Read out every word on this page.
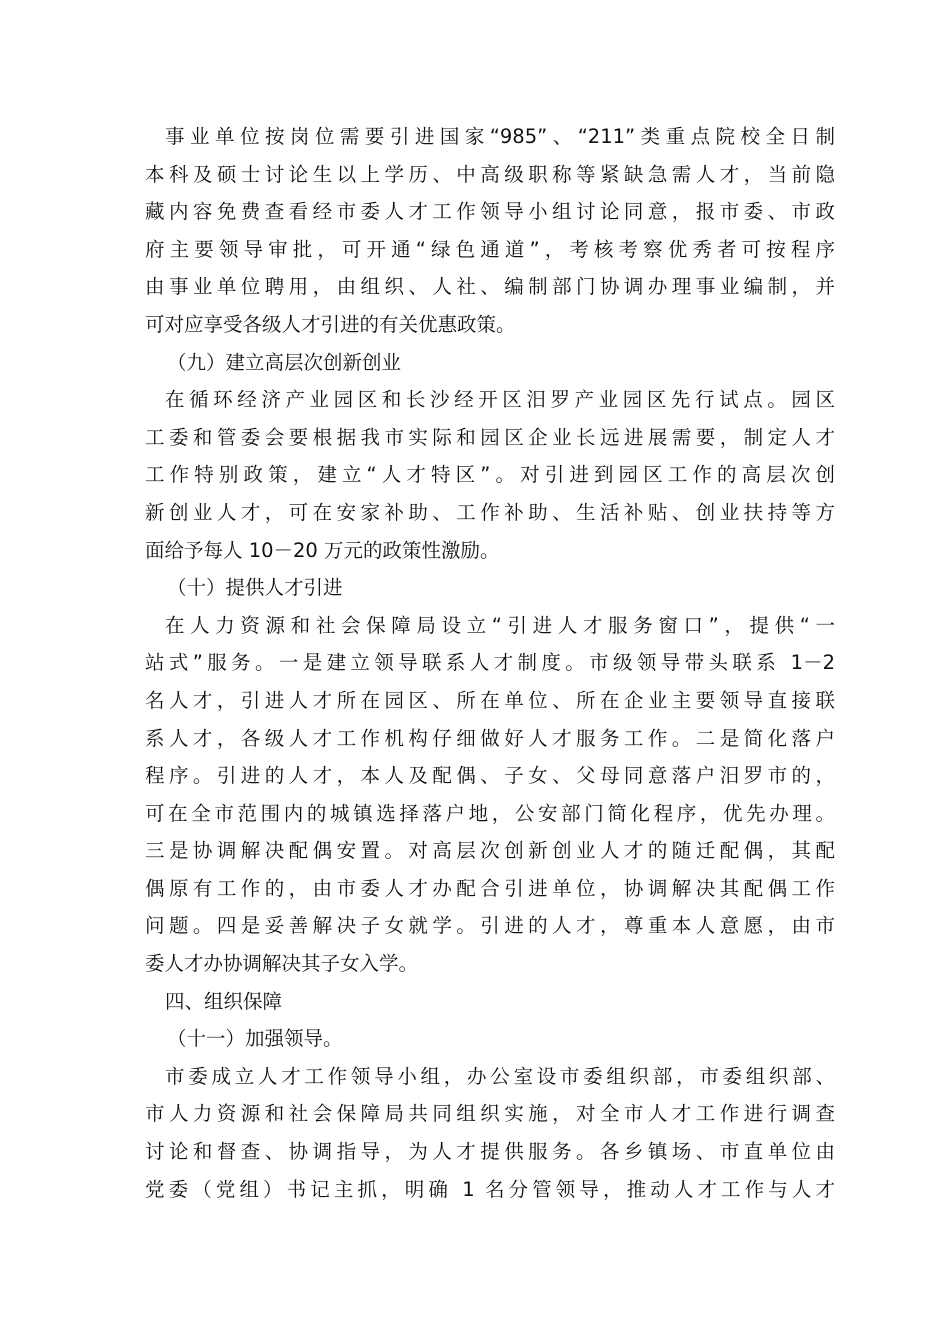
事业单位按岗位需要引进国家“985”、“211”类重点院校全日制
本科及硕士讨论生以上学历、中高级职称等紧缺急需人才，当前隐
藏内容免费查看经市委人才工作领导小组讨论同意，报市委、市政
府主要领导审批，可开通“绿色通道”，考核考察优秀者可按程序
由事业单位聘用，由组织、人社、编制部门协调办理事业编制，并
可对应享受各级人才引进的有关优惠政策。
（九）建立高层次创新创业
在循环经济产业园区和长沙经开区汨罗产业园区先行试点。园区
工委和管委会要根据我市实际和园区企业长远进展需要，制定人才
工作特别政策，建立“人才特区”。对引进到园区工作的高层次创
新创业人才，可在安家补助、工作补助、生活补贴、创业扶持等方
面给予每人 10－20 万元的政策性激励。
（十）提供人才引进
在人力资源和社会保障局设立“引进人才服务窗口”，提供“一
站式”服务。一是建立领导联系人才制度。市级领导带头联系 1－2
名人才，引进人才所在园区、所在单位、所在企业主要领导直接联
系人才，各级人才工作机构仔细做好人才服务工作。二是简化落户
程序。引进的人才，本人及配偶、子女、父母同意落户汨罗市的，
可在全市范围内的城镇选择落户地，公安部门简化程序，优先办理。
三是协调解决配偶安置。对高层次创新创业人才的随迁配偶，其配
偶原有工作的，由市委人才办配合引进单位，协调解决其配偶工作
问题。四是妥善解决子女就学。引进的人才，尊重本人意愿，由市
委人才办协调解决其子女入学。
四、组织保障
（十一）加强领导。
市委成立人才工作领导小组，办公室设市委组织部，市委组织部、
市人力资源和社会保障局共同组织实施，对全市人才工作进行调查
讨论和督查、协调指导，为人才提供服务。各乡镇场、市直单位由
党委（党组）书记主抓，明确 1 名分管领导，推动人才工作与人才
